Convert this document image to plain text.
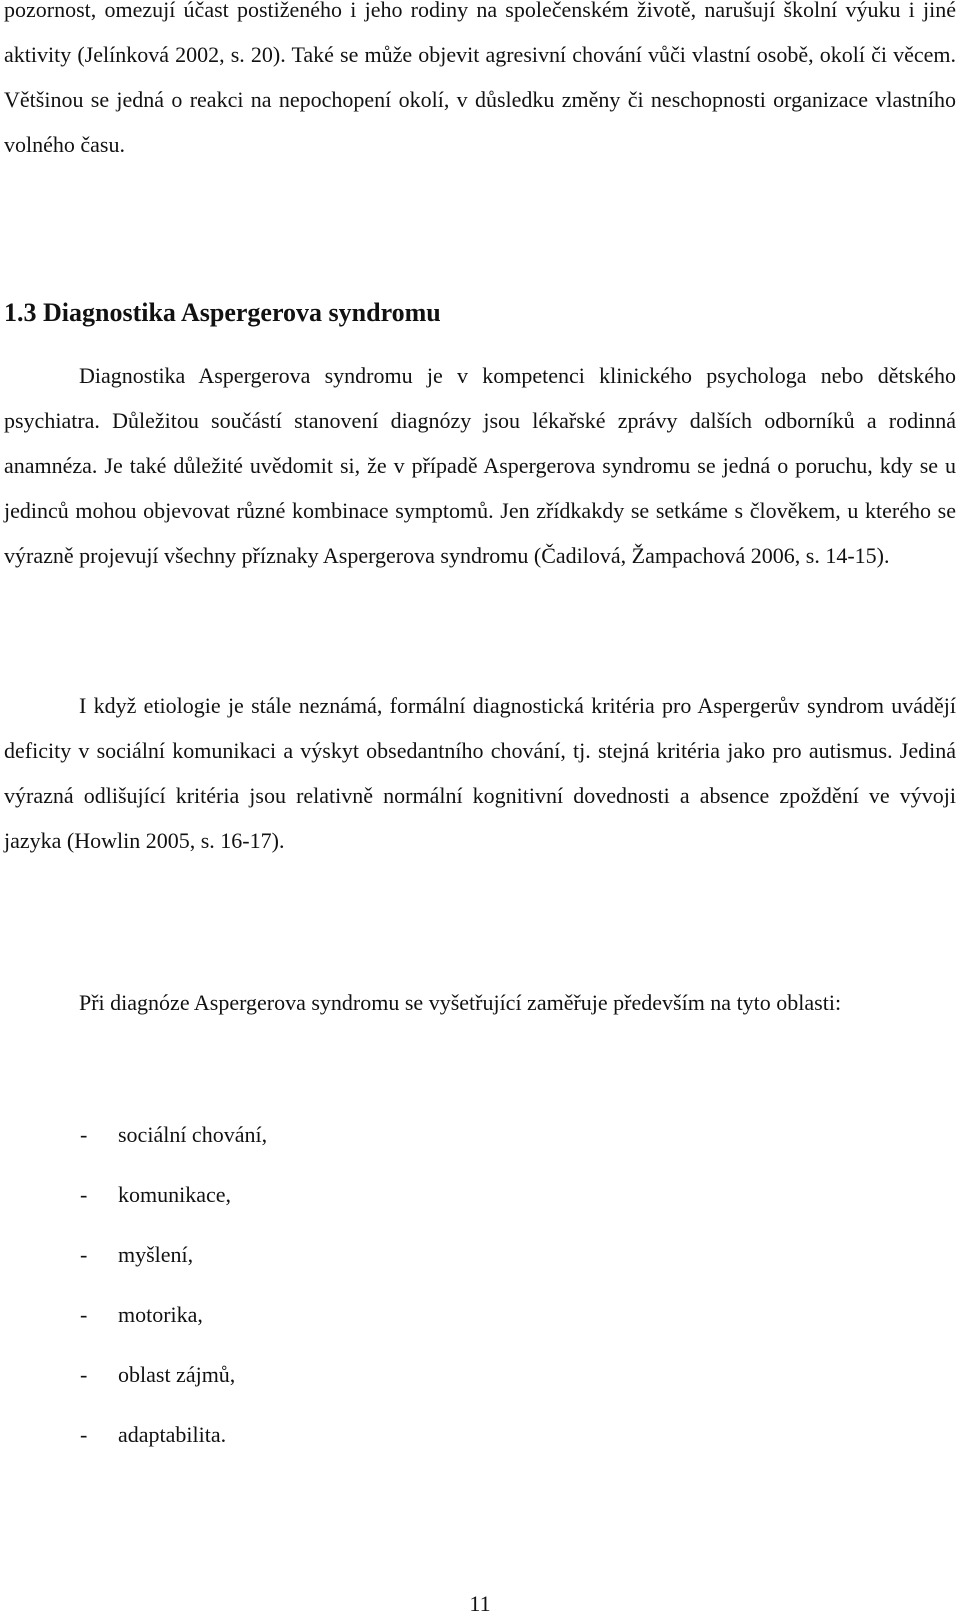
pozornost, omezují účast postiženého i jeho rodiny na společenském životě, narušují školní výuku i jiné aktivity (Jelínková 2002, s. 20). Také se může objevit agresivní chování vůči vlastní osobě, okolí či věcem. Většinou se jedná o reakci na nepochopení okolí, v důsledku změny či neschopnosti organizace vlastního volného času.

1.3 Diagnostika Aspergerova syndromu

Diagnostika Aspergerova syndromu je v kompetenci klinického psychologa nebo dětského psychiatra. Důležitou součástí stanovení diagnózy jsou lékařské zprávy dalších odborníků a rodinná anamnéza. Je také důležité uvědomit si, že v případě Aspergerova syndromu se jedná o poruchu, kdy se u jedinců mohou objevovat různé kombinace symptomů. Jen zřídkakdy se setkáme s člověkem, u kterého se výrazně projevují všechny příznaky Aspergerova syndromu (Čadilová, Žampachová 2006, s. 14-15).

I když etiologie je stále neznámá, formální diagnostická kritéria pro Aspergerův syndrom uvádějí deficity v sociální komunikaci a výskyt obsedantního chování, tj. stejná kritéria jako pro autismus. Jediná výrazná odlišující kritéria jsou relativně normální kognitivní dovednosti a absence zpoždění ve vývoji jazyka (Howlin 2005, s. 16-17).

Při diagnóze Aspergerova syndromu se vyšetřující zaměřuje především na tyto oblasti:

-	sociální chování,
-	komunikace,
-	myšlení,
-	motorika,
-	oblast zájmů,
-	adaptabilita.
11
